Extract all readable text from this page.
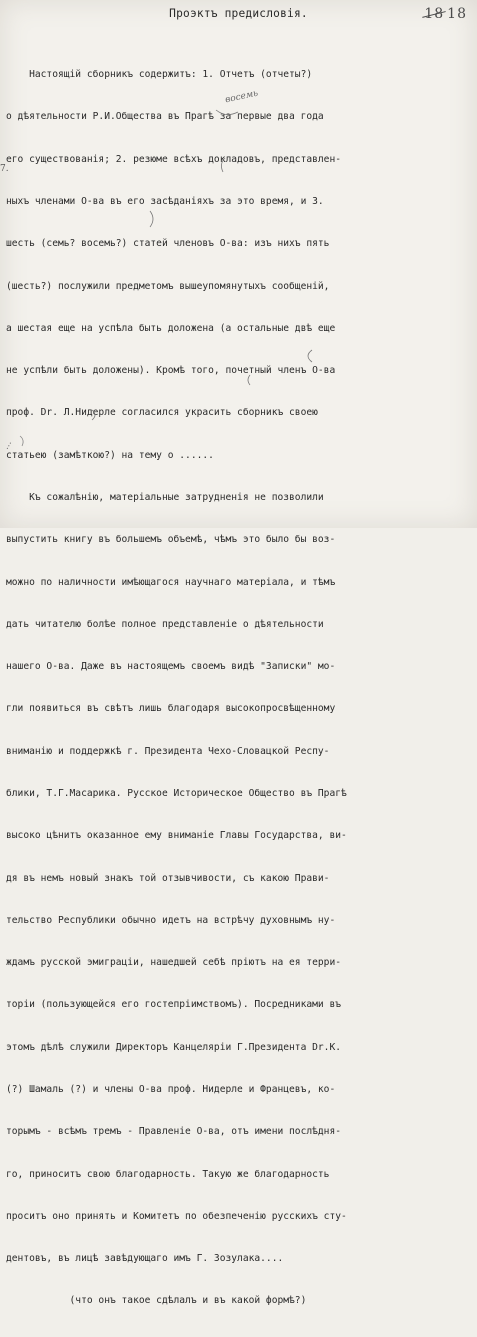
18 18
Проэктъ предисловія.

Настоящій сборникъ содержитъ: 1. Отчетъ (отчеты?)

о дѣятельности Р.И.Общества въ Прагѣ за первые два года

его существованія; 2. резюме всѣхъ докладовъ, представлен-

ныхъ членами О-ва въ его засѣданіяхъ за это время, и 3.

шесть (семь? восемь?) статей членовъ О-ва: изъ нихъ пять

(шесть?) послужили предметомъ вышеупомянутыхъ сообщеній,

а шестая еще на успѣла быть доложена (а остальные двѣ еще

не успѣли быть доложены). Кромѣ того, почетный членъ О-ва

проф. Dr. Л.Нидерле согласился украсить сборникъ своею

статьею (замѣткою?) на тему о ......

Къ сожалѣнію, матеріальные затрудненія не позволили

выпустить книгу въ большемъ объемѣ, чѣмъ это было бы воз-

можно по наличности имѣющагося научнаго матеріала, и тѣмъ

дать читателю болѣе полное представленіе о дѣятельности

нашего О-ва. Даже въ настоящемъ своемъ видѣ "Записки" мо-

гли появиться въ свѣтъ лишь благодаря высокопросвѣщенному

вниманію и поддержкѣ г. Президента Чехо-Словацкой Респу-

блики, Т.Г.Масарика. Русское Историческое Общество въ Прагѣ

высоко цѣнитъ оказанное ему вниманіе Главы Государства, ви-

дя въ немъ новый знакъ той отзывчивости, съ какою Прави-

тельство Республики обычно идетъ на встрѣчу духовнымъ ну-

ждамъ русской эмиграціи, нашедшей себѣ пріютъ на ея терри-

торіи (пользующейся его гостепріимствомъ). Посредниками въ

этомъ дѣлѣ служили Директоръ Канцеляріи Г.Президента Dr.К.

(?) Шамаль (?) и члены О-ва проф. Нидерле и Францевъ, ко-

торымъ - всѣмъ тремъ - Правленіе О-ва, отъ имени послѣдня-

го, приноситъ свою благодарность. Такую же благодарность

проситъ оно принять и Комитетъ по обезпеченію русскихъ сту-

дентовъ, въ лицѣ завѣдующаго имъ Г. Зозулака....

(что онъ такое сдѣлалъ и въ какой формѣ?)

7.
восемь
…
